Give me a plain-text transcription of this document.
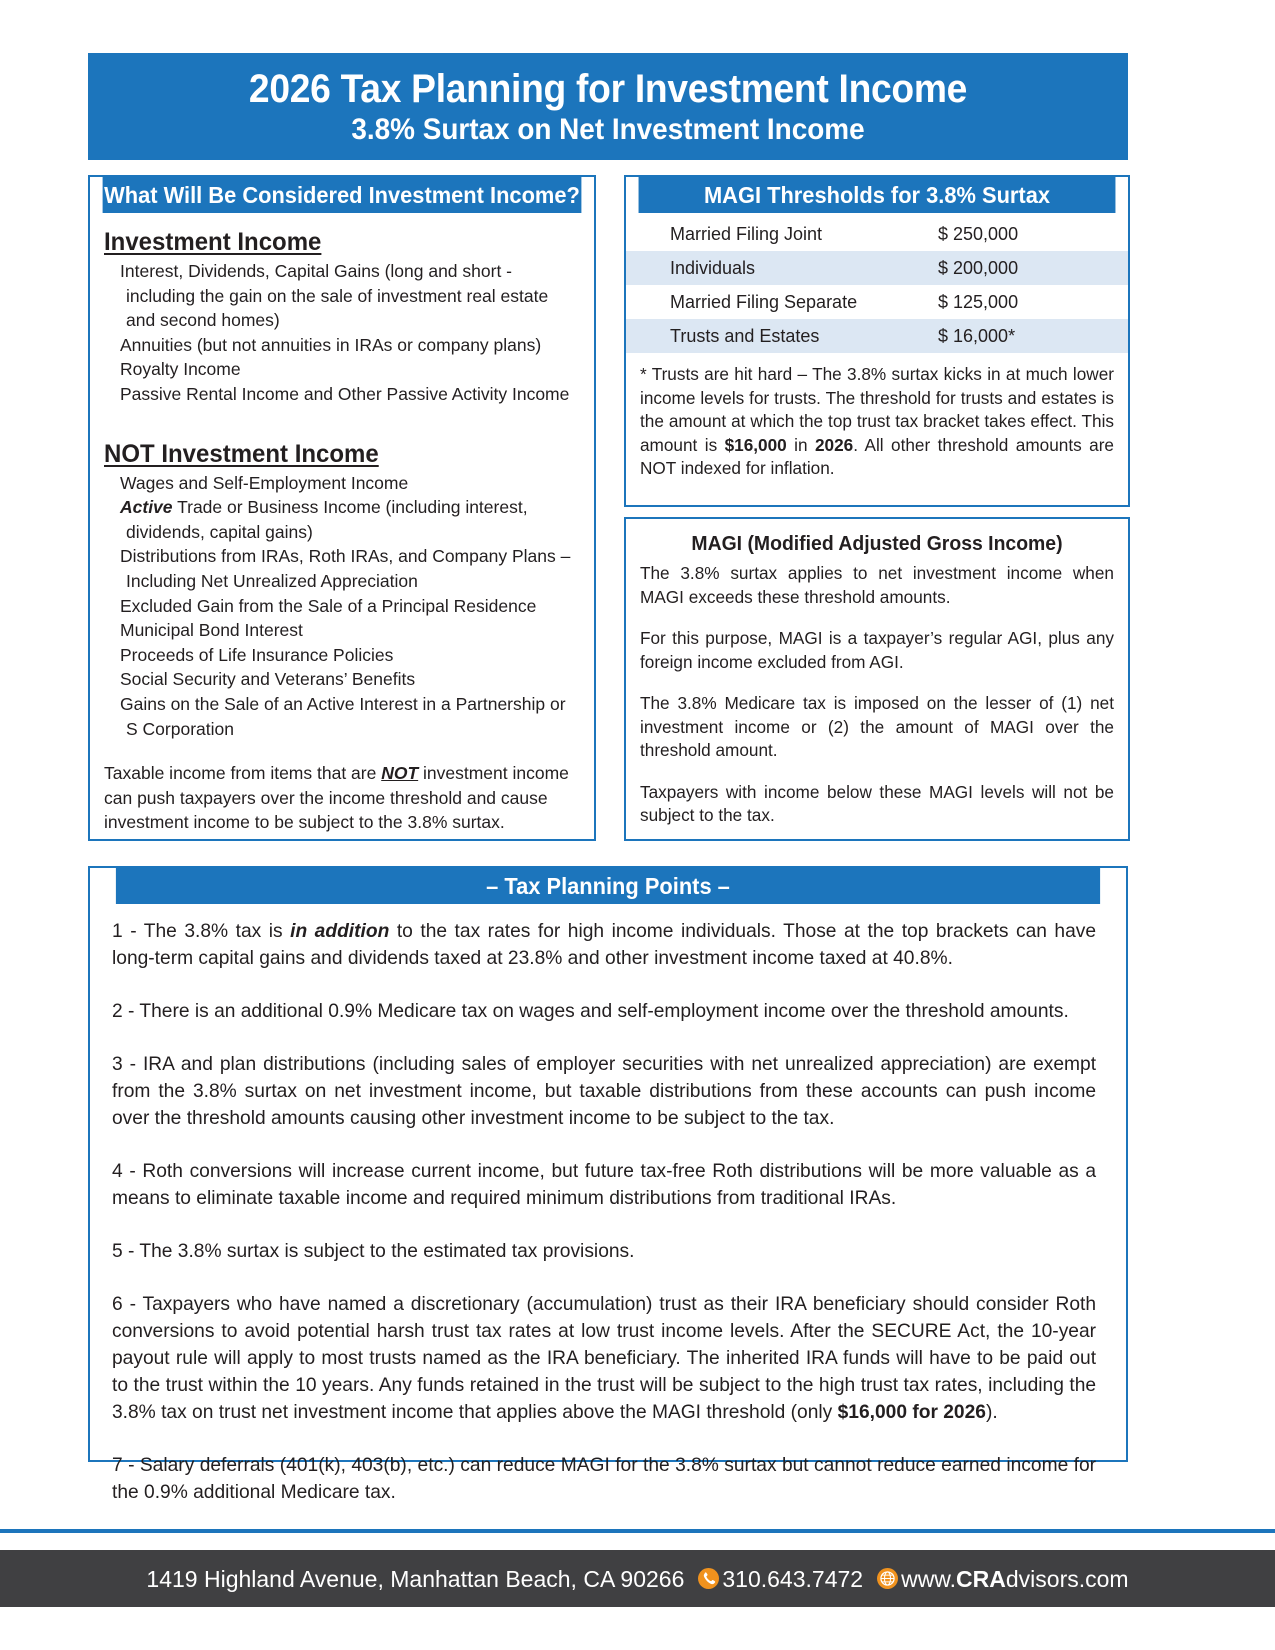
2026 Tax Planning for Investment Income
3.8% Surtax on Net Investment Income
What Will Be Considered Investment Income?
Investment Income
Interest, Dividends, Capital Gains (long and short - including the gain on the sale of investment real estate and second homes)
Annuities (but not annuities in IRAs or company plans)
Royalty Income
Passive Rental Income and Other Passive Activity Income
NOT Investment Income
Wages and Self-Employment Income
Active Trade or Business Income (including interest, dividends, capital gains)
Distributions from IRAs, Roth IRAs, and Company Plans – Including Net Unrealized Appreciation
Excluded Gain from the Sale of a Principal Residence
Municipal Bond Interest
Proceeds of Life Insurance Policies
Social Security and Veterans’ Benefits
Gains on the Sale of an Active Interest in a Partnership or S Corporation
Taxable income from items that are NOT investment income can push taxpayers over the income threshold and cause investment income to be subject to the 3.8% surtax.
MAGI Thresholds for 3.8% Surtax
Married Filing Joint	$ 250,000
Individuals	$ 200,000
Married Filing Separate	$ 125,000
Trusts and Estates	$ 16,000*
* Trusts are hit hard – The 3.8% surtax kicks in at much lower income levels for trusts. The threshold for trusts and estates is the amount at which the top trust tax bracket takes effect. This amount is $16,000 in 2026. All other threshold amounts are NOT indexed for inflation.
MAGI (Modified Adjusted Gross Income)

The 3.8% surtax applies to net investment income when MAGI exceeds these threshold amounts.

For this purpose, MAGI is a taxpayer’s regular AGI, plus any foreign income excluded from AGI.

The 3.8% Medicare tax is imposed on the lesser of (1) net investment income or (2) the amount of MAGI over the threshold amount.

Taxpayers with income below these MAGI levels will not be subject to the tax.

– Tax Planning Points –

1 - The 3.8% tax is in addition to the tax rates for high income individuals. Those at the top brackets can have long-term capital gains and dividends taxed at 23.8% and other investment income taxed at 40.8%.

2 - There is an additional 0.9% Medicare tax on wages and self-employment income over the threshold amounts.

3 - IRA and plan distributions (including sales of employer securities with net unrealized appreciation) are exempt from the 3.8% surtax on net investment income, but taxable distributions from these accounts can push income over the threshold amounts causing other investment income to be subject to the tax.

4 - Roth conversions will increase current income, but future tax-free Roth distributions will be more valuable as a means to eliminate taxable income and required minimum distributions from traditional IRAs.

5 - The 3.8% surtax is subject to the estimated tax provisions.

6 - Taxpayers who have named a discretionary (accumulation) trust as their IRA beneficiary should consider Roth conversions to avoid potential harsh trust tax rates at low trust income levels. After the SECURE Act, the 10-year payout rule will apply to most trusts named as the IRA beneficiary. The inherited IRA funds will have to be paid out to the trust within the 10 years. Any funds retained in the trust will be subject to the high trust tax rates, including the 3.8% tax on trust net investment income that applies above the MAGI threshold (only $16,000 for 2026).

7 - Salary deferrals (401(k), 403(b), etc.) can reduce MAGI for the 3.8% surtax but cannot reduce earned income for the 0.9% additional Medicare tax.

1419 Highland Avenue, Manhattan Beach, CA 90266 310.643.7472 www.CRAdvisors.com
